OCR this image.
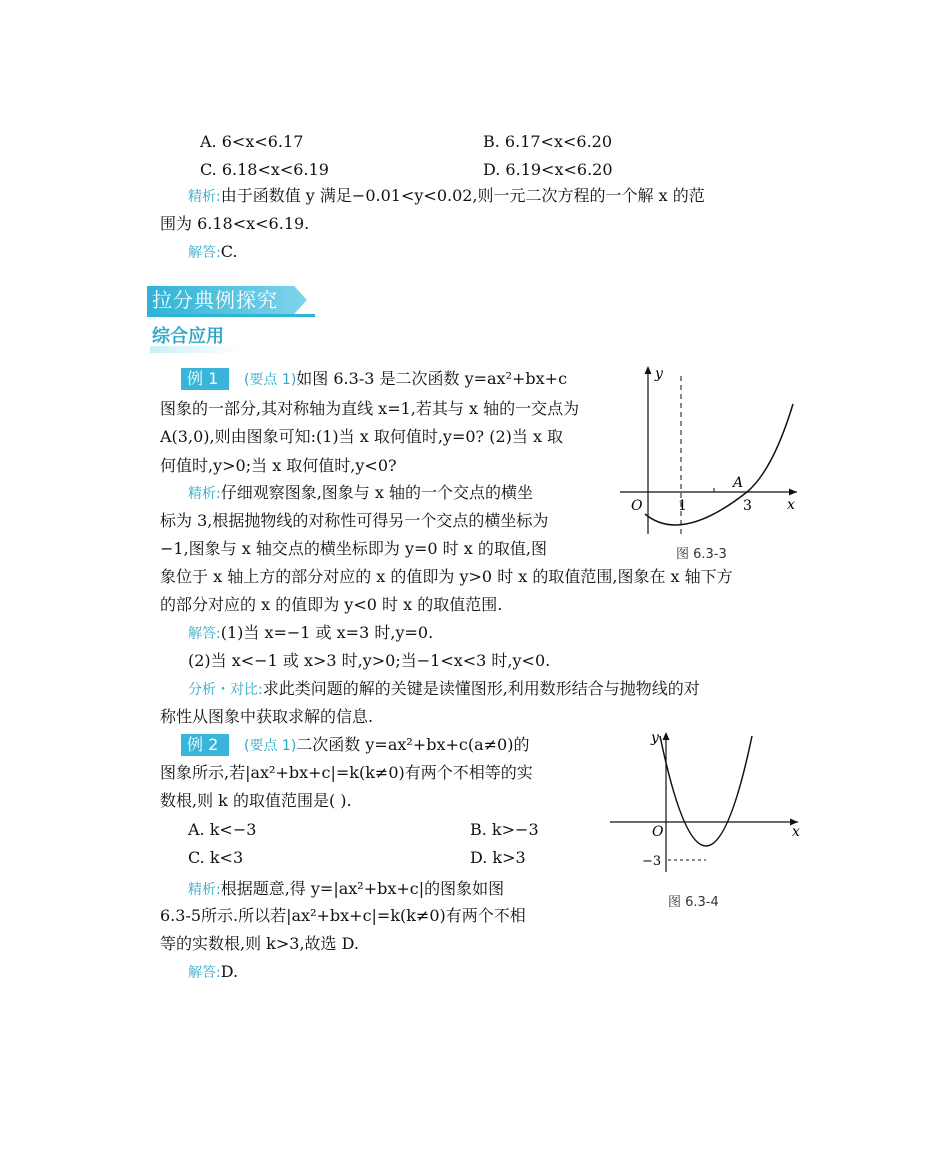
A. 6<x<6.17	B. 6.17<x<6.20
C. 6.18<x<6.19	D. 6.19<x<6.20
精析:由于函数值 y 满足−0.01<y<0.02,则一元二次方程的一个解 x 的范
围为 6.18<x<6.19.
解答:C.
拉分典例探究
综合应用
例 1	(要点 1)如图 6.3-3 是二次函数 y=ax²+bx+c
图象的一部分,其对称轴为直线 x=1,若其与 x 轴的一交点为
A(3,0),则由图象可知:(1)当 x 取何值时,y=0? (2)当 x 取
何值时,y>0;当 x 取何值时,y<0?
精析:仔细观察图象,图象与 x 轴的一个交点的横坐
标为 3,根据抛物线的对称性可得另一个交点的横坐标为
−1,图象与 x 轴交点的横坐标即为 y=0 时 x 的取值,图
象位于 x 轴上方的部分对应的 x 的值即为 y>0 时 x 的取值范围,图象在 x 轴下方
的部分对应的 x 的值即为 y<0 时 x 的取值范围.
解答:(1)当 x=−1 或 x=3 时,y=0.
(2)当 x<−1 或 x>3 时,y>0;当−1<x<3 时,y<0.
分析・对比:求此类问题的解的关键是读懂图形,利用数形结合与抛物线的对
称性从图象中获取求解的信息.
y
x
O	1	3
A
图 6.3-3
例 2	(要点 1)二次函数 y=ax²+bx+c(a≠0)的
图象所示,若|ax²+bx+c|=k(k≠0)有两个不相等的实
数根,则 k 的取值范围是( ).
A. k<−3	B. k>−3
C. k<3	D. k>3
精析:根据题意,得 y=|ax²+bx+c|的图象如图
6.3-5所示.所以若|ax²+bx+c|=k(k≠0)有两个不相
等的实数根,则 k>3,故选 D.
解答:D.
y
x
O
−3
图 6.3-4
